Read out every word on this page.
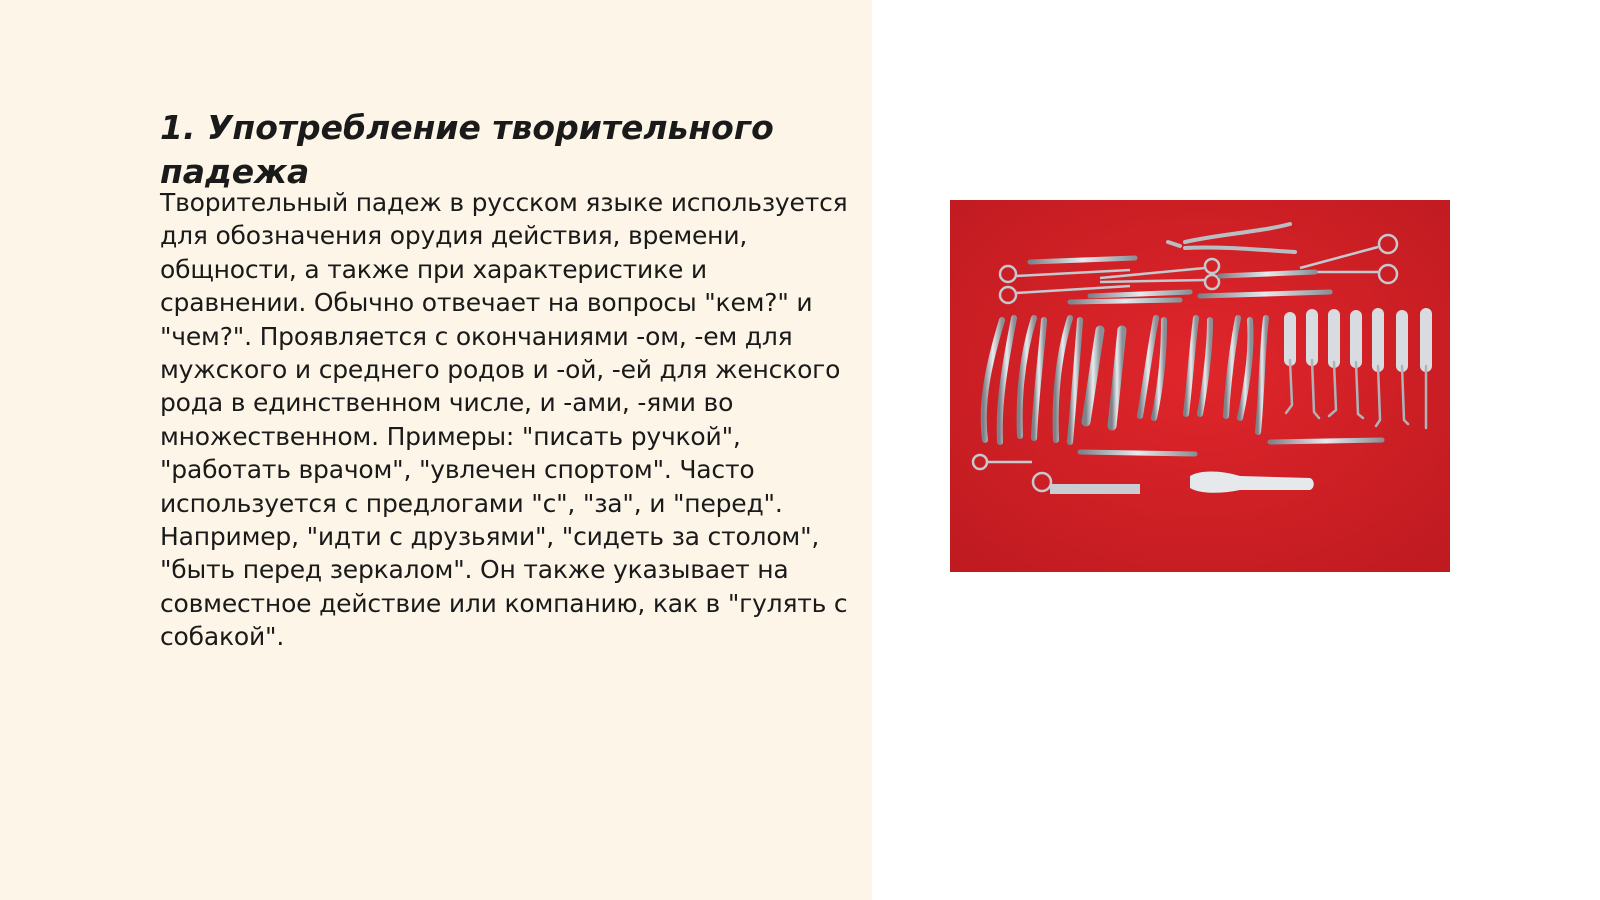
1. Употребление творительного падежа

Творительный падеж в русском языке используется для обозначения орудия действия, времени, общности, а также при характеристике и сравнении. Обычно отвечает на вопросы "кем?" и "чем?". Проявляется с окончаниями -ом, -ем для мужского и среднего родов и -ой, -ей для женского рода в единственном числе, и -ами, -ями во множественном. Примеры: "писать ручкой", "работать врачом", "увлечен спортом". Часто используется с предлогами "с", "за", и "перед". Например, "идти с друзьями", "сидеть за столом", "быть перед зеркалом". Он также указывает на совместное действие или компанию, как в "гулять с собакой".
